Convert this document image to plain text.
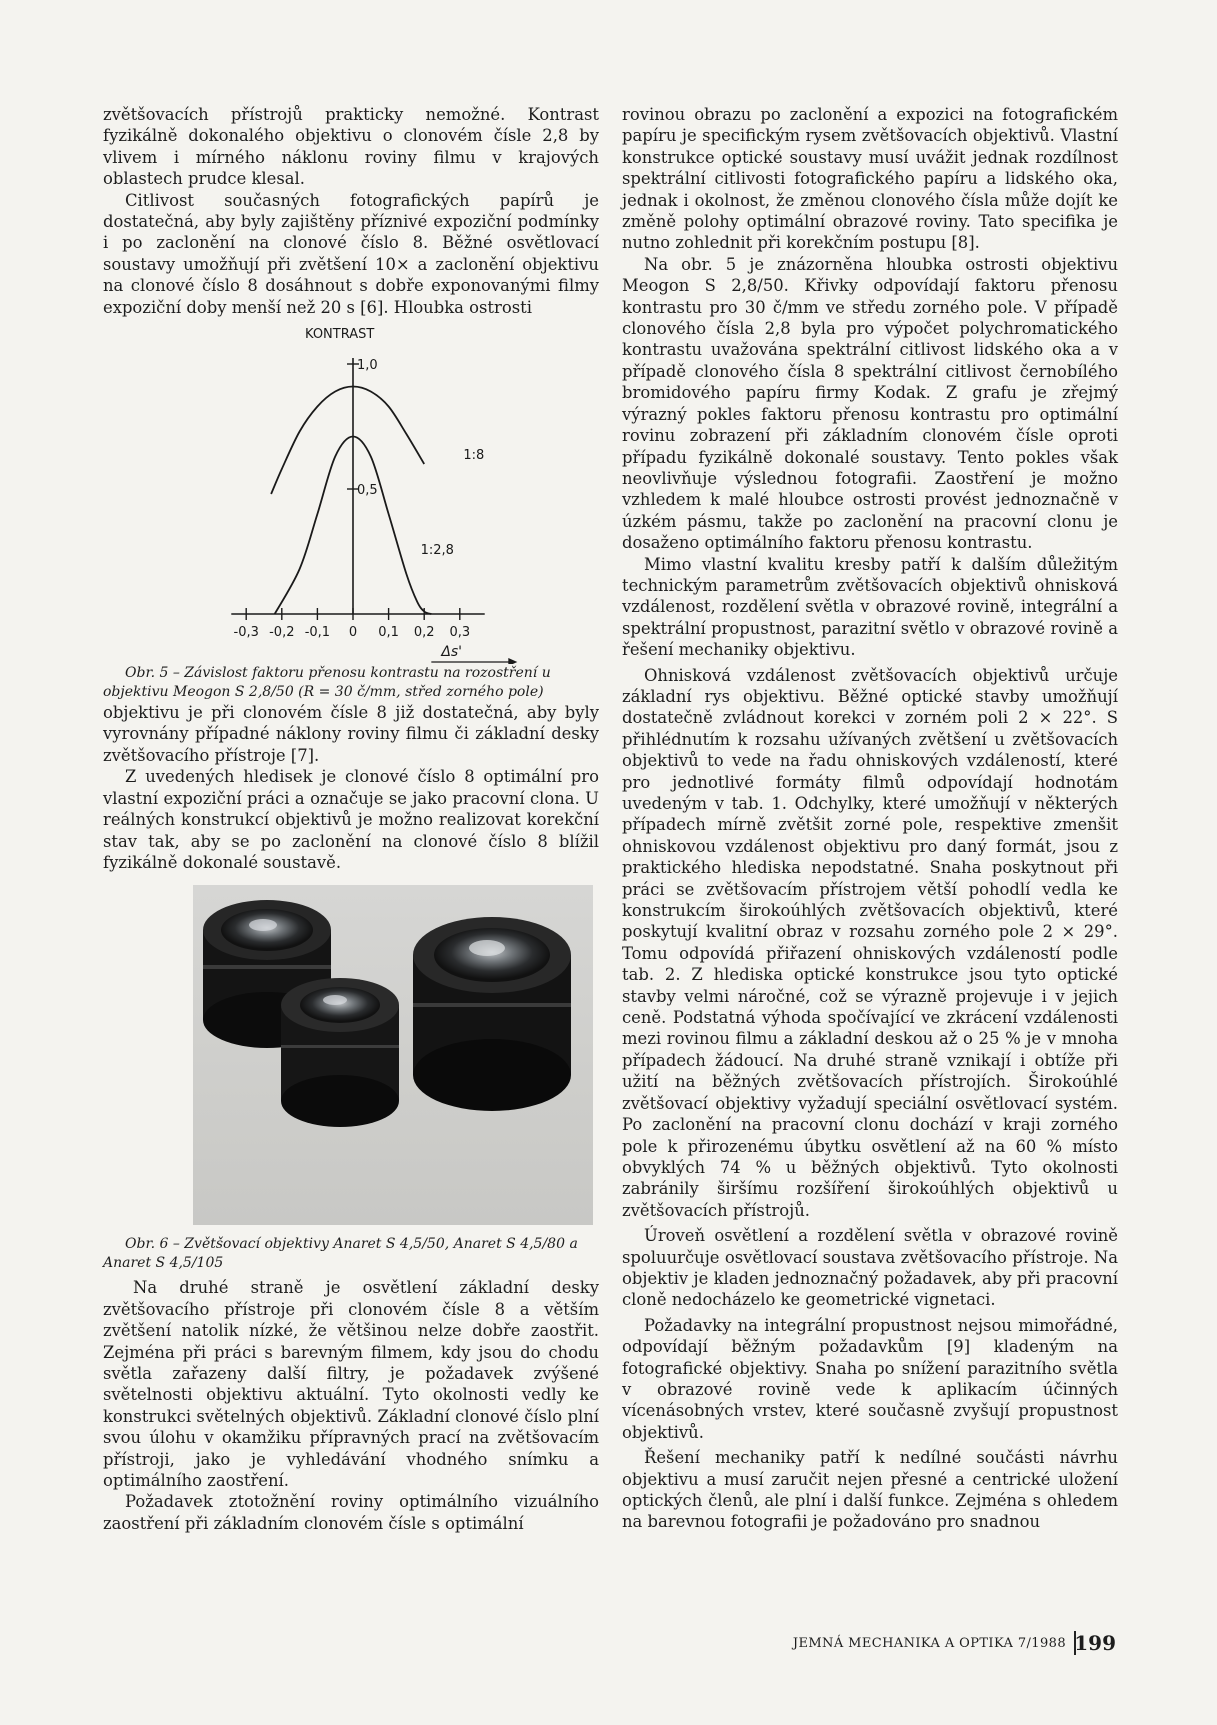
zvětšovacích přístrojů prakticky nemožné. Kontrast fyzikálně dokonalého objektivu o clonovém čísle 2,8 by vlivem i mírného náklonu roviny filmu v krajových oblastech prudce klesal.

Citlivost současných fotografických papírů je dostatečná, aby byly zajištěny příznivé expoziční podmínky i po zaclonění na clonové číslo 8. Běžné osvětlovací soustavy umožňují při zvětšení 10× a zaclonění objektivu na clonové číslo 8 dosáhnout s dobře exponovanými filmy expoziční doby menší než 20 s [6]. Hloubka ostrosti

-0,3 -0,2 -0,1 0 0,1 0,2 0,3
0,5
1,0
KONTRAST
Δs'
1:8
1:2,8

Obr. 5 – Závislost faktoru přenosu kontrastu na rozostření u objektivu Meogon S 2,8/50 (R = 30 č/mm, střed zorného pole)

objektivu je při clonovém čísle 8 již dostatečná, aby byly vyrovnány případné náklony roviny filmu či základní desky zvětšovacího přístroje [7].

Z uvedených hledisek je clonové číslo 8 optimální pro vlastní expoziční práci a označuje se jako pracovní clona. U reálných konstrukcí objektivů je možno realizovat korekční stav tak, aby se po zaclonění na clonové číslo 8 blížil fyzikálně dokonalé soustavě.

Obr. 6 – Zvětšovací objektivy Anaret S 4,5/50, Anaret S 4,5/80 a Anaret S 4,5/105

Na druhé straně je osvětlení základní desky zvětšovacího přístroje při clonovém čísle 8 a větším zvětšení natolik nízké, že většinou nelze dobře zaostřit. Zejména při práci s barevným filmem, kdy jsou do chodu světla zařazeny další filtry, je požadavek zvýšené světelnosti objektivu aktuální. Tyto okolnosti vedly ke konstrukci světelných objektivů. Základní clonové číslo plní svou úlohu v okamžiku přípravných prací na zvětšovacím přístroji, jako je vyhledávání vhodného snímku a optimálního zaostření.

Požadavek ztotožnění roviny optimálního vizuálního zaostření při základním clonovém čísle s optimální

rovinou obrazu po zaclonění a expozici na fotografickém papíru je specifickým rysem zvětšovacích objektivů. Vlastní konstrukce optické soustavy musí uvážit jednak rozdílnost spektrální citlivosti fotografického papíru a lidského oka, jednak i okolnost, že změnou clonového čísla může dojít ke změně polohy optimální obrazové roviny. Tato specifika je nutno zohlednit při korekčním postupu [8].

Na obr. 5 je znázorněna hloubka ostrosti objektivu Meogon S 2,8/50. Křivky odpovídají faktoru přenosu kontrastu pro 30 č/mm ve středu zorného pole. V případě clonového čísla 2,8 byla pro výpočet polychromatického kontrastu uvažována spektrální citlivost lidského oka a v případě clonového čísla 8 spektrální citlivost černobílého bromidového papíru firmy Kodak. Z grafu je zřejmý výrazný pokles faktoru přenosu kontrastu pro optimální rovinu zobrazení při základním clonovém čísle oproti případu fyzikálně dokonalé soustavy. Tento pokles však neovlivňuje výslednou fotografii. Zaostření je možno vzhledem k malé hloubce ostrosti provést jednoznačně v úzkém pásmu, takže po zaclonění na pracovní clonu je dosaženo optimálního faktoru přenosu kontrastu.

Mimo vlastní kvalitu kresby patří k dalším důležitým technickým parametrům zvětšovacích objektivů ohnisková vzdálenost, rozdělení světla v obrazové rovině, integrální a spektrální propustnost, parazitní světlo v obrazové rovině a řešení mechaniky objektivu.

Ohnisková vzdálenost zvětšovacích objektivů určuje základní rys objektivu. Běžné optické stavby umožňují dostatečně zvládnout korekci v zorném poli 2 × 22°. S přihlédnutím k rozsahu užívaných zvětšení u zvětšovacích objektivů to vede na řadu ohniskových vzdáleností, které pro jednotlivé formáty filmů odpovídají hodnotám uvedeným v tab. 1. Odchylky, které umožňují v některých případech mírně zvětšit zorné pole, respektive zmenšit ohniskovou vzdálenost objektivu pro daný formát, jsou z praktického hlediska nepodstatné. Snaha poskytnout při práci se zvětšovacím přístrojem větší pohodlí vedla ke konstrukcím širokoúhlých zvětšovacích objektivů, které poskytují kvalitní obraz v rozsahu zorného pole 2 × 29°. Tomu odpovídá přiřazení ohniskových vzdáleností podle tab. 2. Z hlediska optické konstrukce jsou tyto optické stavby velmi náročné, což se výrazně projevuje i v jejich ceně. Podstatná výhoda spočívající ve zkrácení vzdálenosti mezi rovinou filmu a základní deskou až o 25 % je v mnoha případech žádoucí. Na druhé straně vznikají i obtíže při užití na běžných zvětšovacích přístrojích. Širokoúhlé zvětšovací objektivy vyžadují speciální osvětlovací systém. Po zaclonění na pracovní clonu dochází v kraji zorného pole k přirozenému úbytku osvětlení až na 60 % místo obvyklých 74 % u běžných objektivů. Tyto okolnosti zabránily širšímu rozšíření širokoúhlých objektivů u zvětšovacích přístrojů.

Úroveň osvětlení a rozdělení světla v obrazové rovině spoluurčuje osvětlovací soustava zvětšovacího přístroje. Na objektiv je kladen jednoznačný požadavek, aby při pracovní cloně nedocházelo ke geometrické vignetaci.

Požadavky na integrální propustnost nejsou mimořádné, odpovídají běžným požadavkům [9] kladeným na fotografické objektivy. Snaha po snížení parazitního světla v obrazové rovině vede k aplikacím účinných vícenásobných vrstev, které současně zvyšují propustnost objektivů.

Řešení mechaniky patří k nedílné součásti návrhu objektivu a musí zaručit nejen přesné a centrické uložení optických členů, ale plní i další funkce. Zejména s ohledem na barevnou fotografii je požadováno pro snadnou

JEMNÁ MECHANIKA A OPTIKA 7/1988 199
